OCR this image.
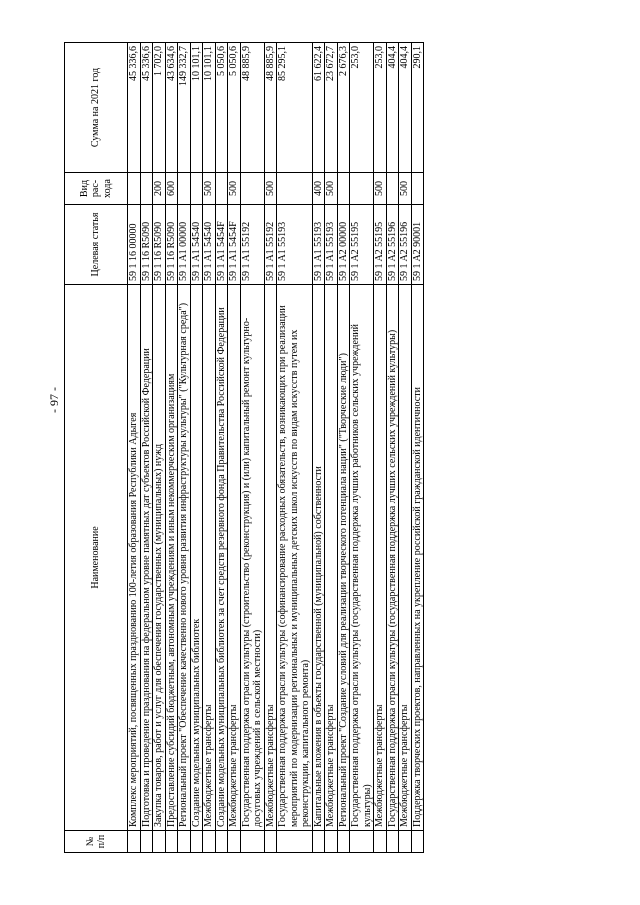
- 97 -
№
п/п	Наименование	Целевая статья	Вид рас-хода	Сумма на 2021 год
	Комплекс мероприятий, посвященных празднованию 100-летия образования Республики Адыгея	59 1 16 00000		45 336,6
	Подготовка и проведение празднования на федеральном уровне памятных дат субъектов Российской Федерации	59 1 16 R5090		45 336,6
	Закупка товаров, работ и услуг для обеспечения государственных (муниципальных) нужд	59 1 16 R5090	200	1 702,0
	Предоставление субсидий бюджетным, автономным учреждениям и иным некоммерческим организациям	59 1 16 R5090	600	43 634,6
	Региональный проект "Обеспечение качественно нового уровня развития инфраструктуры культуры" ("Культурная среда")	59 1 A1 00000		149 332,7
	Создание модельных муниципальных библиотек	59 1 A1 54540		10 101,1
	Межбюджетные трансферты	59 1 A1 54540	500	10 101,1
	Создание модельных муниципальных библиотек за счет средств резервного фонда Правительства Российской Федерации	59 1 A1 5454F		5 050,6
	Межбюджетные трансферты	59 1 A1 5454F	500	5 050,6
	Государственная поддержка отрасли культуры (строительство (реконструкция) и (или) капитальный ремонт культурно-досуговых учреждений в сельской местности)	59 1 A1 55192		48 885,9
	Межбюджетные трансферты	59 1 A1 55192	500	48 885,9
	Государственная поддержка отрасли культуры (софинансирование расходных обязательств, возникающих при реализации мероприятий по модернизации региональных и муниципальных детских школ искусств по видам искусств путем их реконструкции, капитального ремонта)	59 1 A1 55193		85 295,1
	Капитальные вложения в объекты государственной (муниципальной) собственности	59 1 A1 55193	400	61 622,4
	Межбюджетные трансферты	59 1 A1 55193	500	23 672,7
	Региональный проект "Создание условий для реализации творческого потенциала нации" ("Творческие люди")	59 1 A2 00000		2 676,3
	Государственная поддержка отрасли культуры (государственная поддержка лучших работников сельских учреждений культуры)	59 1 A2 55195		253,0
	Межбюджетные трансферты	59 1 A2 55195	500	253,0
	Государственная поддержка отрасли культуры (государственная поддержка лучших сельских учреждений культуры)	59 1 A2 55196		404,4
	Межбюджетные трансферты	59 1 A2 55196	500	404,4
	Поддержка творческих проектов, направленных на укрепление российской гражданской идентичности	59 1 A2 90001		290,1
